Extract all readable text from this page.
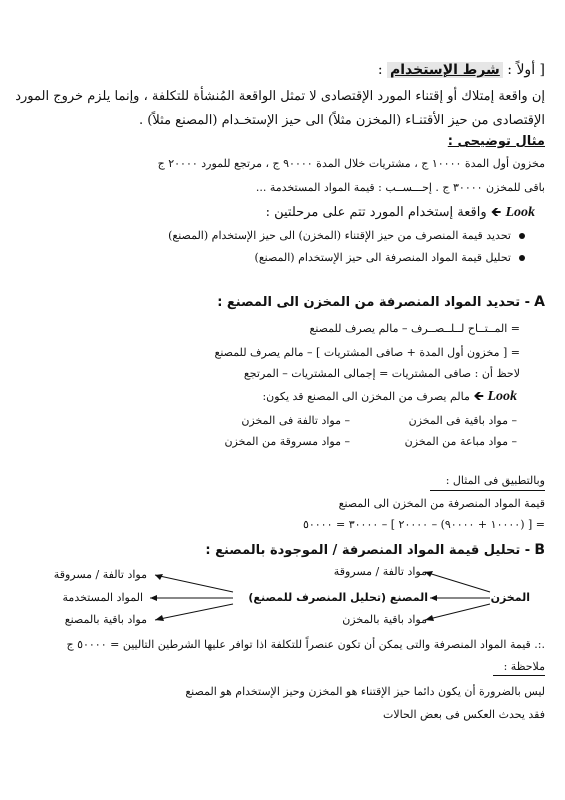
[ أولاً : شرط الإستخدام :
إن واقعة إمتلاك أو إقتناء المورد الإقتصادى لا تمثل الواقعة المُنشأة للتكلفة ، وإنما يلزم خروج المورد
الإقتصادى من حيز الأقتنـاء (المخزن مثلاً) الى حيز الإستخـدام (المصنع مثلاً) .
مثال توضيحى :
مخزون أول المدة ١٠٠٠٠ ج ، مشتريات خلال المدة ٩٠٠٠٠ ج ، مرتجع للمورد ٢٠٠٠٠ ج
باقى للمخزن ٣٠٠٠٠ ج . إحـــســب : قيمة المواد المستخدمة ...
Look 🡸 واقعة إستخدام المورد تتم على مرحلتين :
تحديد قيمة المنصرف من حيز الإقتناء (المخزن) الى حيز الإستخدام (المصنع)
تحليل قيمة المواد المنصرفة الى حيز الإستخدام (المصنع)
A - تحديد المواد المنصرفة من المخزن الى المصنع :
= المــتــاح لــلــصــرف – مالم يصرف للمصنع
= [ مخزون أول المدة + صافى المشتريات ] – مالم يصرف للمصنع
لاحظ أن : صافى المشتريات = إجمالى المشتريات – المرتجع
Look 🡸 مالم يصرف من المخزن الى المصنع قد يكون:
– مواد باقية فى المخزن
– مواد تالفة فى المخزن
– مواد مباعة من المخزن
– مواد مسروقة من المخزن
وبالتطبيق فى المثال :
قيمة المواد المنصرفة من المخزن الى المصنع
= [ (١٠٠٠٠ + ٩٠٠٠٠) – ٢٠٠٠٠ ] – ٣٠٠٠٠ = ٥٠٠٠٠
B - تحليل قيمة المواد المنصرفة / الموجودة بالمصنع :
المخزن
مواد تالفة / مسروقة
المصنع (تحليل المنصرف للمصنع)
مواد باقية بالمخزن
مواد تالفة / مسروقة
المواد المستخدمة
مواد باقية بالمصنع
.:. قيمة المواد المنصرفة والتى يمكن أن تكون عنصراً للتكلفة اذا توافر عليها الشرطين التاليين = ٥٠٠٠٠ ج
ملاحظة :
ليس بالضرورة أن يكون دائما حيز الإقتناء هو المخزن وحيز الإستخدام هو المصنع
فقد يحدث العكس فى بعض الحالات
